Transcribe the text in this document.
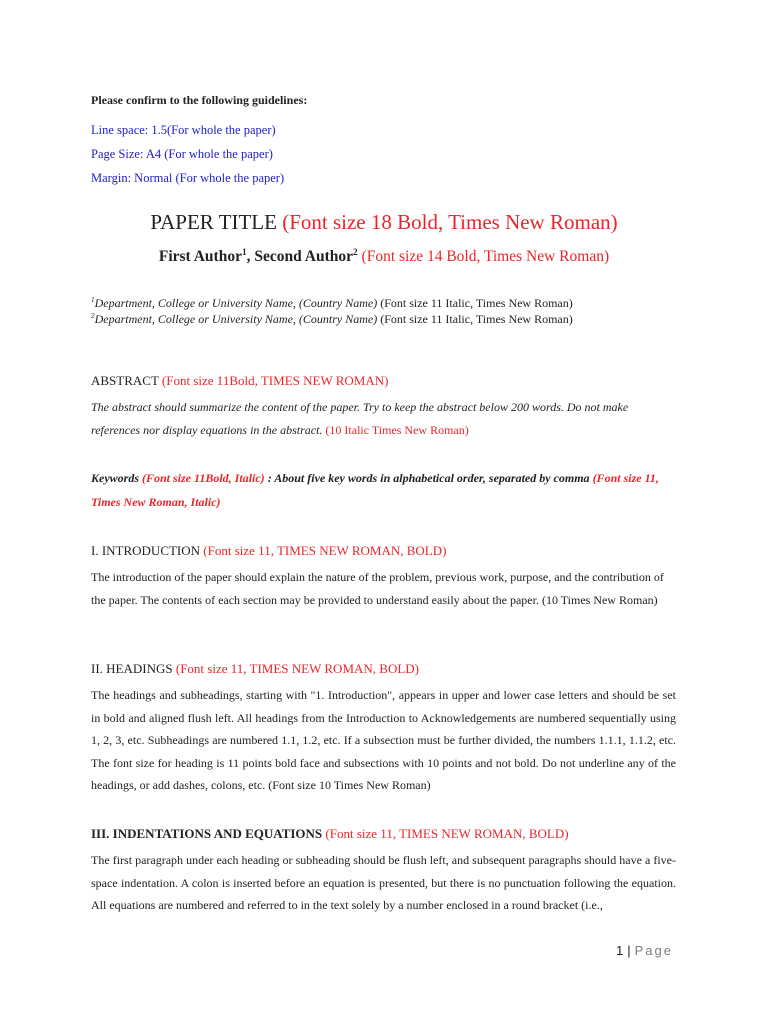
Please confirm to the following guidelines:
Line space: 1.5(For whole the paper)
Page Size: A4 (For whole the paper)
Margin: Normal (For whole the paper)
PAPER TITLE (Font size 18 Bold, Times New Roman)
First Author$^1$, Second Author$^2$ (Font size 14 Bold, Times New Roman)
$^1$Department, College or University Name, (Country Name) (Font size 11 Italic, Times New Roman)
$^2$Department, College or University Name, (Country Name) (Font size 11 Italic, Times New Roman)
ABSTRACT (Font size 11Bold, TIMES NEW ROMAN)
The abstract should summarize the content of the paper. Try to keep the abstract below 200 words. Do not make references nor display equations in the abstract. (10 Italic Times New Roman)
Keywords (Font size 11Bold, Italic) : About five key words in alphabetical order, separated by comma (Font size 11, Times New Roman, Italic)
I. INTRODUCTION (Font size 11, TIMES NEW ROMAN, BOLD)
The introduction of the paper should explain the nature of the problem, previous work, purpose, and the contribution of the paper. The contents of each section may be provided to understand easily about the paper. (10 Times New Roman)
II. HEADINGS (Font size 11, TIMES NEW ROMAN, BOLD)
The headings and subheadings, starting with "1. Introduction", appears in upper and lower case letters and should be set in bold and aligned flush left. All headings from the Introduction to Acknowledgements are numbered sequentially using 1, 2, 3, etc. Subheadings are numbered 1.1, 1.2, etc. If a subsection must be further divided, the numbers 1.1.1, 1.1.2, etc. The font size for heading is 11 points bold face and subsections with 10 points and not bold. Do not underline any of the headings, or add dashes, colons, etc. (Font size 10 Times New Roman)
III. INDENTATIONS AND EQUATIONS (Font size 11, TIMES NEW ROMAN, BOLD)
The first paragraph under each heading or subheading should be flush left, and subsequent paragraphs should have a five-space indentation. A colon is inserted before an equation is presented, but there is no punctuation following the equation. All equations are numbered and referred to in the text solely by a number enclosed in a round bracket (i.e.,
1 | Page
